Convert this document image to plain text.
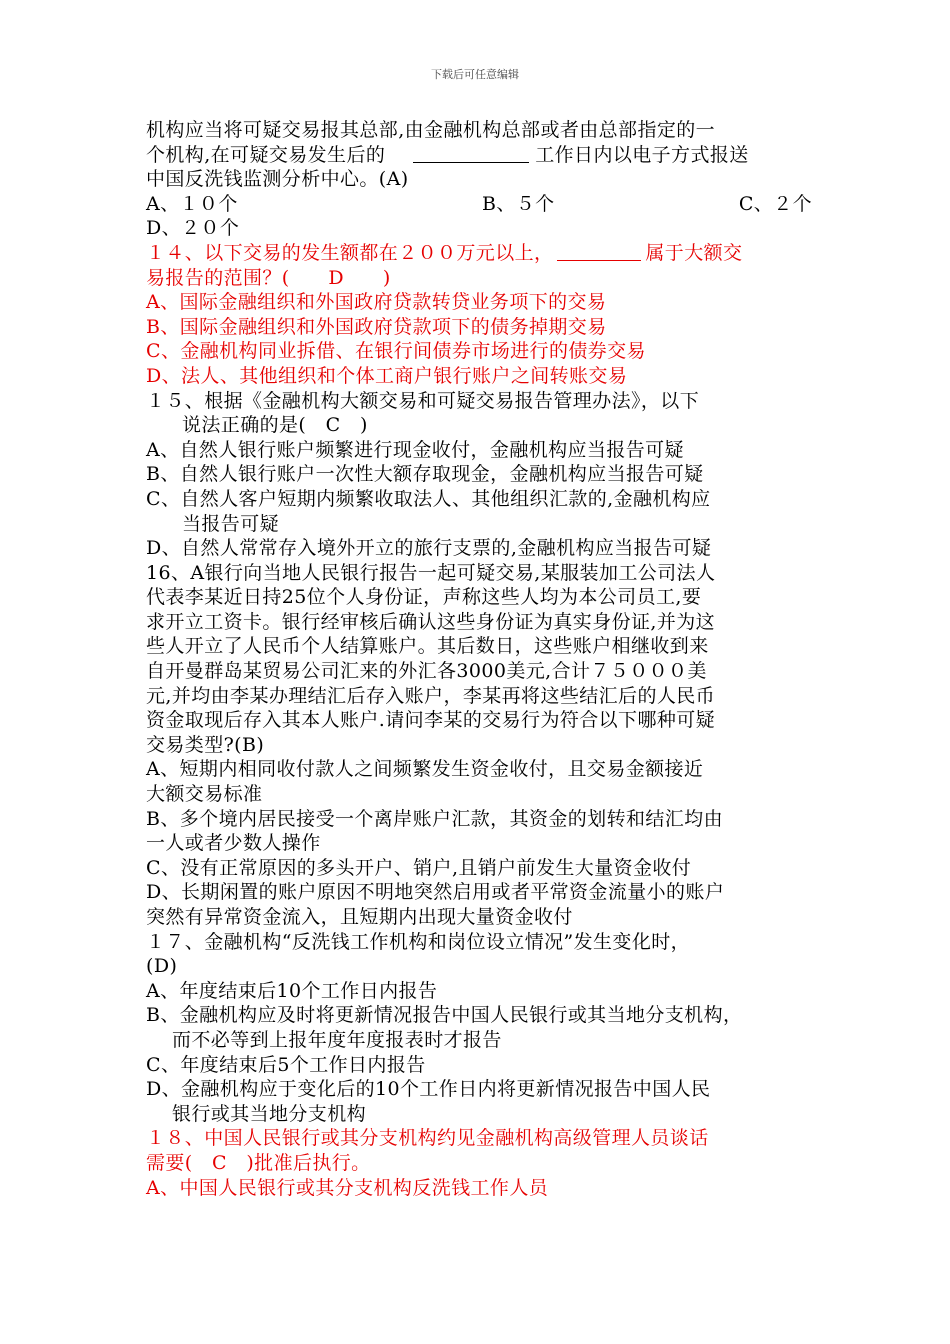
下载后可任意编辑
机构应当将可疑交易报其总部,由金融机构总部或者由总部指定的一
个机构,在可疑交易发生后的	工作日内以电子方式报送
中国反洗钱监测分析中心。(A)
A、１０个	B、５个	C、２个
D、２０个
１４、以下交易的发生额都在２００万元以上，	属于大额交
易报告的范围？(　　D　　)
A、国际金融组织和外国政府贷款转贷业务项下的交易
B、国际金融组织和外国政府贷款项下的债务掉期交易
C、金融机构同业拆借、在银行间债券市场进行的债券交易
D、法人、其他组织和个体工商户银行账户之间转账交易
１５、根据《金融机构大额交易和可疑交易报告管理办法》，以下
说法正确的是(　C　)
A、自然人银行账户频繁进行现金收付，金融机构应当报告可疑
B、自然人银行账户一次性大额存取现金，金融机构应当报告可疑
C、自然人客户短期内频繁收取法人、其他组织汇款的,金融机构应
当报告可疑
D、自然人常常存入境外开立的旅行支票的,金融机构应当报告可疑
16、A银行向当地人民银行报告一起可疑交易,某服装加工公司法人
代表李某近日持25位个人身份证，声称这些人均为本公司员工,要
求开立工资卡。银行经审核后确认这些身份证为真实身份证,并为这
些人开立了人民币个人结算账户。其后数日，这些账户相继收到来
自开曼群岛某贸易公司汇来的外汇各3000美元,合计７５０００美
元,并均由李某办理结汇后存入账户，李某再将这些结汇后的人民币
资金取现后存入其本人账户.请问李某的交易行为符合以下哪种可疑
交易类型?(B)
A、短期内相同收付款人之间频繁发生资金收付，且交易金额接近
大额交易标准
B、多个境内居民接受一个离岸账户汇款，其资金的划转和结汇均由
一人或者少数人操作
C、没有正常原因的多头开户、销户,且销户前发生大量资金收付
D、长期闲置的账户原因不明地突然启用或者平常资金流量小的账户
突然有异常资金流入，且短期内出现大量资金收付
１７、金融机构“反洗钱工作机构和岗位设立情况”发生变化时，
(D)
A、年度结束后10个工作日内报告
B、金融机构应及时将更新情况报告中国人民银行或其当地分支机构，
而不必等到上报年度年度报表时才报告
C、年度结束后5个工作日内报告
D、金融机构应于变化后的10个工作日内将更新情况报告中国人民
银行或其当地分支机构
１８、中国人民银行或其分支机构约见金融机构高级管理人员谈话
需要(　C　)批准后执行。
A、中国人民银行或其分支机构反洗钱工作人员
